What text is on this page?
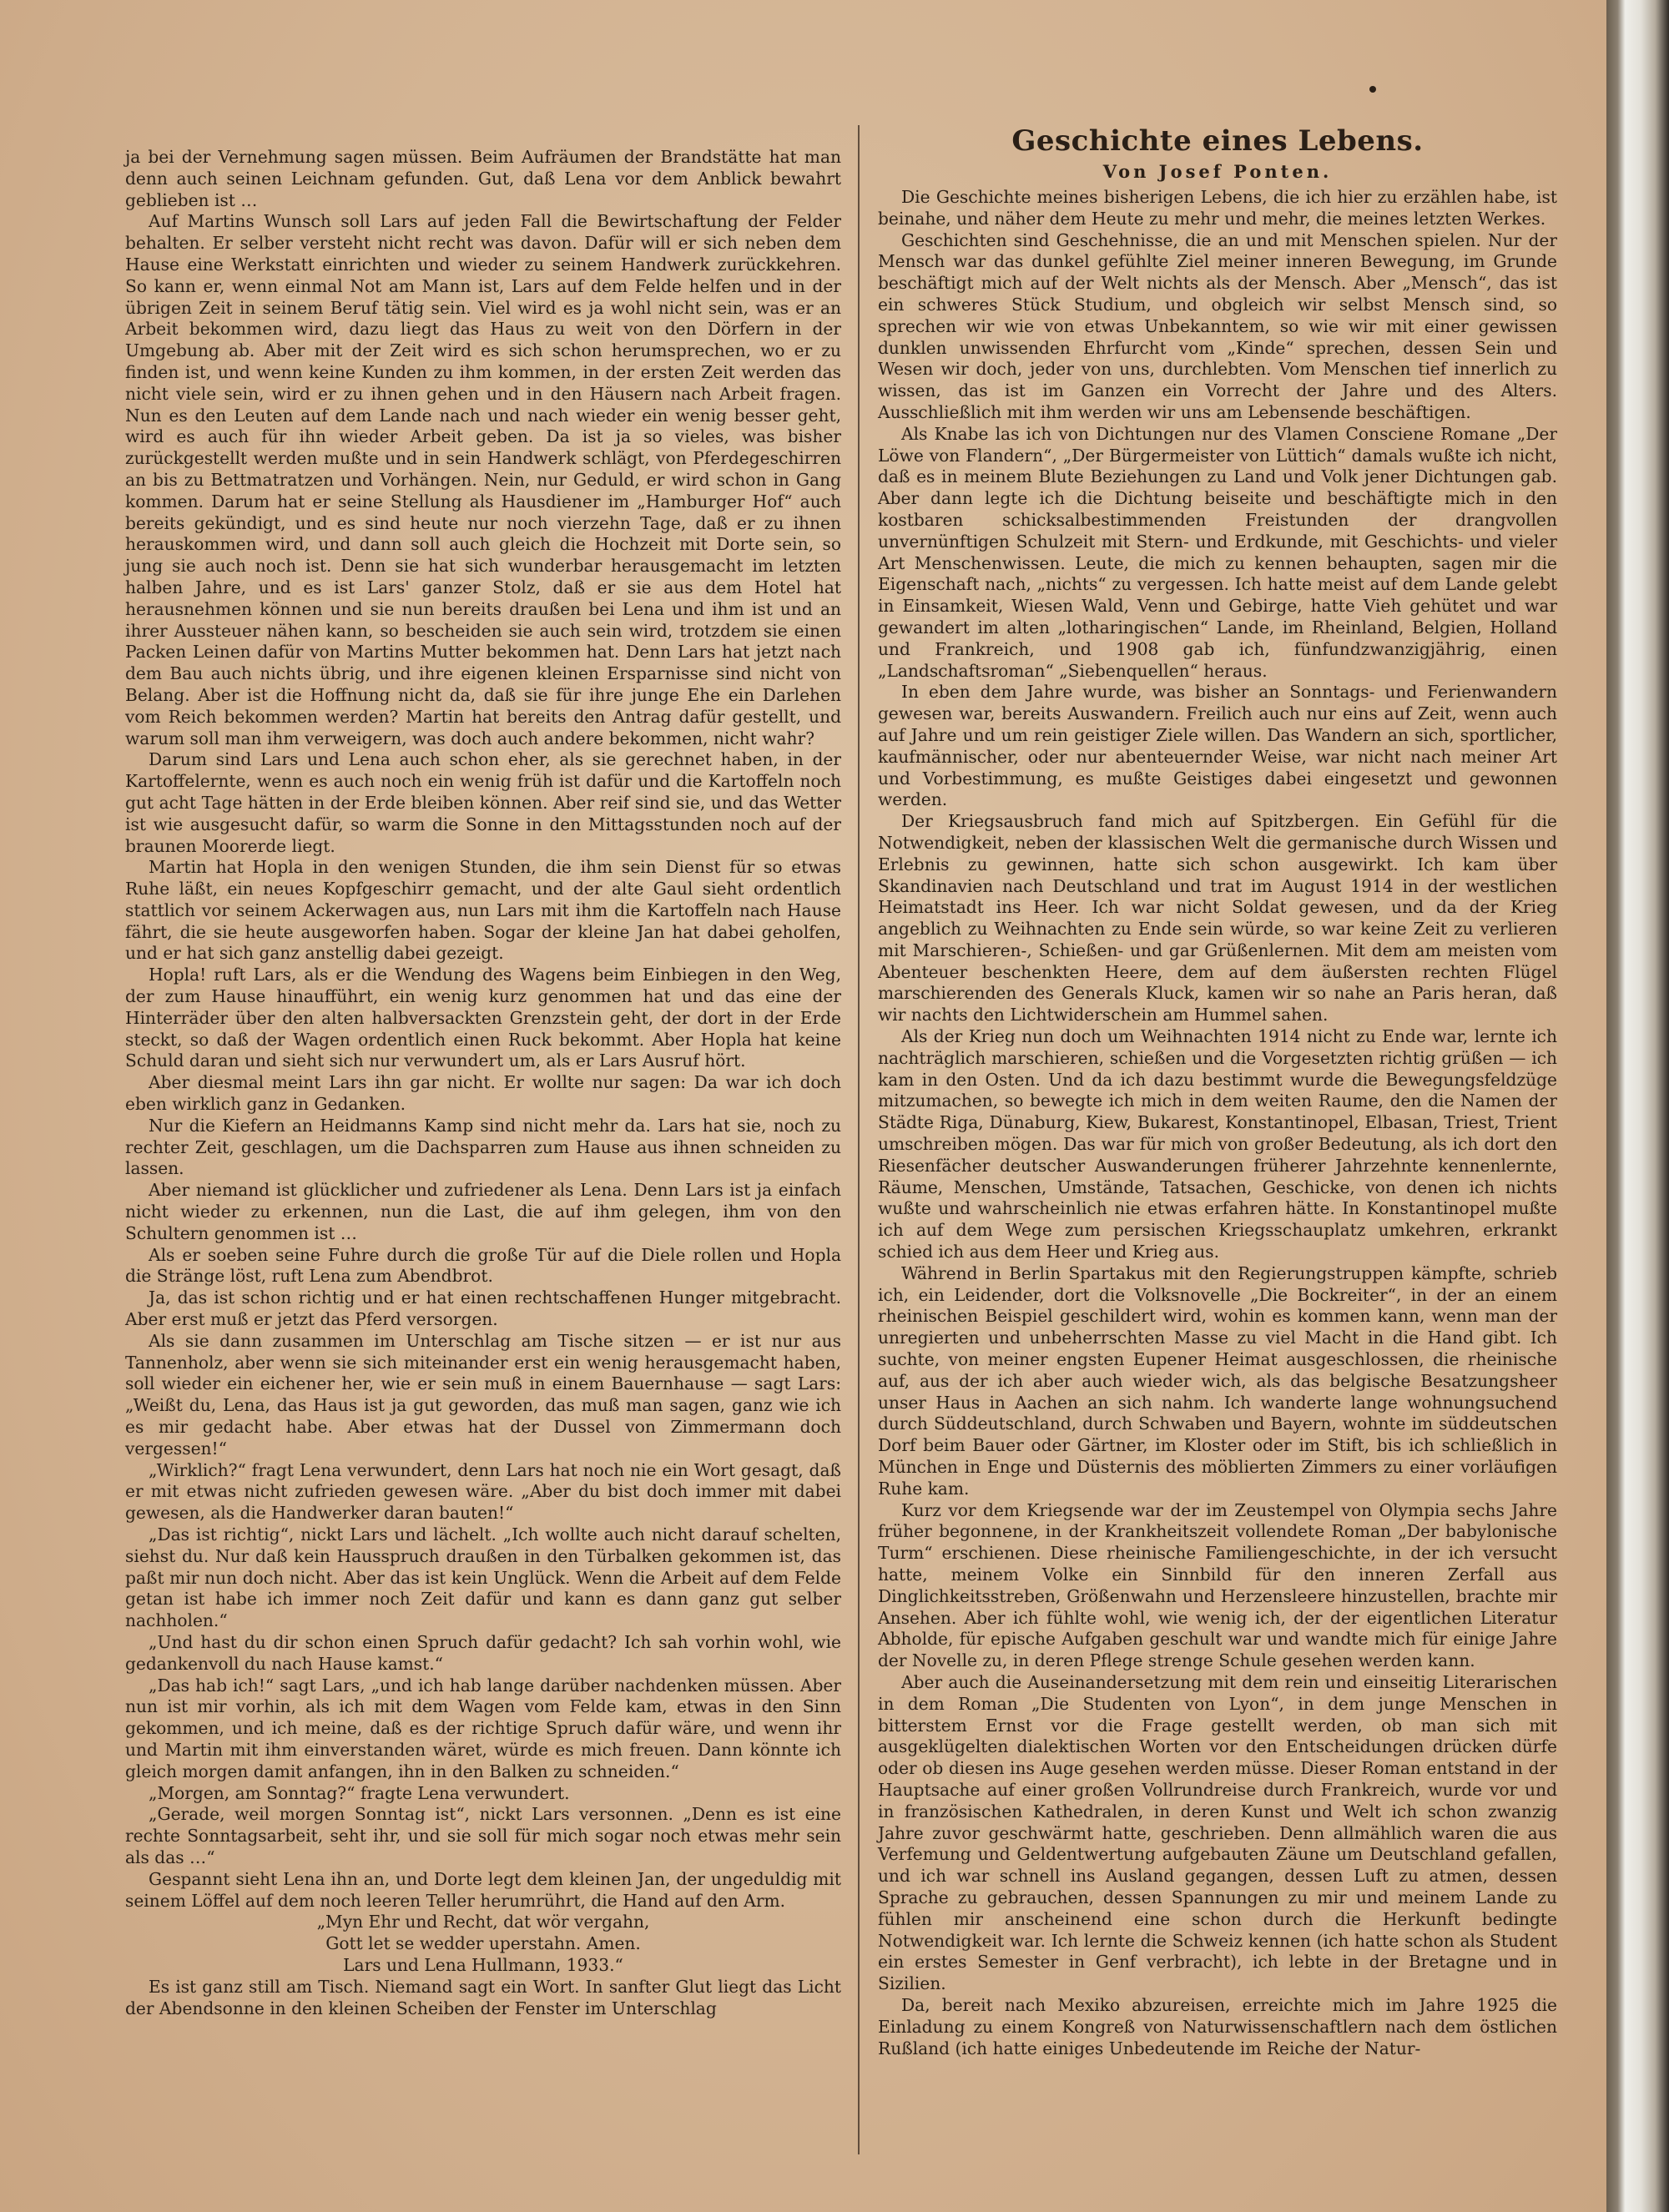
ja bei der Vernehmung sagen müssen. Beim Aufräumen der Brandstätte hat man denn auch seinen Leichnam gefunden. Gut, daß Lena vor dem Anblick bewahrt geblieben ist …

Auf Martins Wunsch soll Lars auf jeden Fall die Bewirtschaftung der Felder behalten. Er selber versteht nicht recht was davon. Dafür will er sich neben dem Hause eine Werkstatt einrichten und wieder zu seinem Handwerk zurückkehren. So kann er, wenn einmal Not am Mann ist, Lars auf dem Felde helfen und in der übrigen Zeit in seinem Beruf tätig sein. Viel wird es ja wohl nicht sein, was er an Arbeit bekommen wird, dazu liegt das Haus zu weit von den Dörfern in der Umgebung ab. Aber mit der Zeit wird es sich schon herumsprechen, wo er zu finden ist, und wenn keine Kunden zu ihm kommen, in der ersten Zeit werden das nicht viele sein, wird er zu ihnen gehen und in den Häusern nach Arbeit fragen. Nun es den Leuten auf dem Lande nach und nach wieder ein wenig besser geht, wird es auch für ihn wieder Arbeit geben. Da ist ja so vieles, was bisher zurückgestellt werden mußte und in sein Handwerk schlägt, von Pferdegeschirren an bis zu Bettmatratzen und Vorhängen. Nein, nur Geduld, er wird schon in Gang kommen. Darum hat er seine Stellung als Hausdiener im „Hamburger Hof“ auch bereits gekündigt, und es sind heute nur noch vierzehn Tage, daß er zu ihnen herauskommen wird, und dann soll auch gleich die Hochzeit mit Dorte sein, so jung sie auch noch ist. Denn sie hat sich wunderbar herausgemacht im letzten halben Jahre, und es ist Lars' ganzer Stolz, daß er sie aus dem Hotel hat herausnehmen können und sie nun bereits draußen bei Lena und ihm ist und an ihrer Aussteuer nähen kann, so bescheiden sie auch sein wird, trotzdem sie einen Packen Leinen dafür von Martins Mutter bekommen hat. Denn Lars hat jetzt nach dem Bau auch nichts übrig, und ihre eigenen kleinen Ersparnisse sind nicht von Belang. Aber ist die Hoffnung nicht da, daß sie für ihre junge Ehe ein Darlehen vom Reich bekommen werden? Martin hat bereits den Antrag dafür gestellt, und warum soll man ihm verweigern, was doch auch andere bekommen, nicht wahr?

Darum sind Lars und Lena auch schon eher, als sie gerechnet haben, in der Kartoffelernte, wenn es auch noch ein wenig früh ist dafür und die Kartoffeln noch gut acht Tage hätten in der Erde bleiben können. Aber reif sind sie, und das Wetter ist wie ausgesucht dafür, so warm die Sonne in den Mittagsstunden noch auf der braunen Moorerde liegt.

Martin hat Hopla in den wenigen Stunden, die ihm sein Dienst für so etwas Ruhe läßt, ein neues Kopfgeschirr gemacht, und der alte Gaul sieht ordentlich stattlich vor seinem Ackerwagen aus, nun Lars mit ihm die Kartoffeln nach Hause fährt, die sie heute ausgeworfen haben. Sogar der kleine Jan hat dabei geholfen, und er hat sich ganz anstellig dabei gezeigt.

Hopla! ruft Lars, als er die Wendung des Wagens beim Einbiegen in den Weg, der zum Hause hinaufführt, ein wenig kurz genommen hat und das eine der Hinterräder über den alten halbversackten Grenzstein geht, der dort in der Erde steckt, so daß der Wagen ordentlich einen Ruck bekommt. Aber Hopla hat keine Schuld daran und sieht sich nur verwundert um, als er Lars Ausruf hört.

Aber diesmal meint Lars ihn gar nicht. Er wollte nur sagen: Da war ich doch eben wirklich ganz in Gedanken.

Nur die Kiefern an Heidmanns Kamp sind nicht mehr da. Lars hat sie, noch zu rechter Zeit, geschlagen, um die Dachsparren zum Hause aus ihnen schneiden zu lassen.

Aber niemand ist glücklicher und zufriedener als Lena. Denn Lars ist ja einfach nicht wieder zu erkennen, nun die Last, die auf ihm gelegen, ihm von den Schultern genommen ist …

Als er soeben seine Fuhre durch die große Tür auf die Diele rollen und Hopla die Stränge löst, ruft Lena zum Abendbrot.

Ja, das ist schon richtig und er hat einen rechtschaffenen Hunger mitgebracht. Aber erst muß er jetzt das Pferd versorgen.

Als sie dann zusammen im Unterschlag am Tische sitzen — er ist nur aus Tannenholz, aber wenn sie sich miteinander erst ein wenig herausgemacht haben, soll wieder ein eichener her, wie er sein muß in einem Bauernhause — sagt Lars: „Weißt du, Lena, das Haus ist ja gut geworden, das muß man sagen, ganz wie ich es mir gedacht habe. Aber etwas hat der Dussel von Zimmermann doch vergessen!“

„Wirklich?“ fragt Lena verwundert, denn Lars hat noch nie ein Wort gesagt, daß er mit etwas nicht zufrieden gewesen wäre. „Aber du bist doch immer mit dabei gewesen, als die Handwerker daran bauten!“

„Das ist richtig“, nickt Lars und lächelt. „Ich wollte auch nicht darauf schelten, siehst du. Nur daß kein Hausspruch draußen in den Türbalken gekommen ist, das paßt mir nun doch nicht. Aber das ist kein Unglück. Wenn die Arbeit auf dem Felde getan ist habe ich immer noch Zeit dafür und kann es dann ganz gut selber nachholen.“

„Und hast du dir schon einen Spruch dafür gedacht? Ich sah vorhin wohl, wie gedankenvoll du nach Hause kamst.“

„Das hab ich!“ sagt Lars, „und ich hab lange darüber nachdenken müssen. Aber nun ist mir vorhin, als ich mit dem Wagen vom Felde kam, etwas in den Sinn gekommen, und ich meine, daß es der richtige Spruch dafür wäre, und wenn ihr und Martin mit ihm einverstanden wäret, würde es mich freuen. Dann könnte ich gleich morgen damit anfangen, ihn in den Balken zu schneiden.“

„Morgen, am Sonntag?“ fragte Lena verwundert.

„Gerade, weil morgen Sonntag ist“, nickt Lars versonnen. „Denn es ist eine rechte Sonntagsarbeit, seht ihr, und sie soll für mich sogar noch etwas mehr sein als das …“

Gespannt sieht Lena ihn an, und Dorte legt dem kleinen Jan, der ungeduldig mit seinem Löffel auf dem noch leeren Teller herumrührt, die Hand auf den Arm.

„Myn Ehr und Recht, dat wör vergahn,
Gott let se wedder uperstahn. Amen.
Lars und Lena Hullmann, 1933.“

Es ist ganz still am Tisch. Niemand sagt ein Wort. In sanfter Glut liegt das Licht der Abendsonne in den kleinen Scheiben der Fenster im Unterschlag

Geschichte eines Lebens.
Von Josef Ponten.

Die Geschichte meines bisherigen Lebens, die ich hier zu erzählen habe, ist beinahe, und näher dem Heute zu mehr und mehr, die meines letzten Werkes.

Geschichten sind Geschehnisse, die an und mit Menschen spielen. Nur der Mensch war das dunkel gefühlte Ziel meiner inneren Bewegung, im Grunde beschäftigt mich auf der Welt nichts als der Mensch. Aber „Mensch“, das ist ein schweres Stück Studium, und obgleich wir selbst Mensch sind, so sprechen wir wie von etwas Unbekanntem, so wie wir mit einer gewissen dunklen unwissenden Ehrfurcht vom „Kinde“ sprechen, dessen Sein und Wesen wir doch, jeder von uns, durchlebten. Vom Menschen tief innerlich zu wissen, das ist im Ganzen ein Vorrecht der Jahre und des Alters. Ausschließlich mit ihm werden wir uns am Lebensende beschäftigen.

Als Knabe las ich von Dichtungen nur des Vlamen Consciene Romane „Der Löwe von Flandern“, „Der Bürgermeister von Lüttich“ damals wußte ich nicht, daß es in meinem Blute Beziehungen zu Land und Volk jener Dichtungen gab. Aber dann legte ich die Dichtung beiseite und beschäftigte mich in den kostbaren schicksalbestimmenden Freistunden der drangvollen unvernünftigen Schulzeit mit Stern- und Erdkunde, mit Geschichts- und vieler Art Menschenwissen. Leute, die mich zu kennen behaupten, sagen mir die Eigenschaft nach, „nichts“ zu vergessen. Ich hatte meist auf dem Lande gelebt in Einsamkeit, Wiesen Wald, Venn und Gebirge, hatte Vieh gehütet und war gewandert im alten „lotharingischen“ Lande, im Rheinland, Belgien, Holland und Frankreich, und 1908 gab ich, fünfundzwanzigjährig, einen „Landschaftsroman“ „Siebenquellen“ heraus.

In eben dem Jahre wurde, was bisher an Sonntags- und Ferienwandern gewesen war, bereits Auswandern. Freilich auch nur eins auf Zeit, wenn auch auf Jahre und um rein geistiger Ziele willen. Das Wandern an sich, sportlicher, kaufmännischer, oder nur abenteuernder Weise, war nicht nach meiner Art und Vorbestimmung, es mußte Geistiges dabei eingesetzt und gewonnen werden.

Der Kriegsausbruch fand mich auf Spitzbergen. Ein Gefühl für die Notwendigkeit, neben der klassischen Welt die germanische durch Wissen und Erlebnis zu gewinnen, hatte sich schon ausgewirkt. Ich kam über Skandinavien nach Deutschland und trat im August 1914 in der westlichen Heimatstadt ins Heer. Ich war nicht Soldat gewesen, und da der Krieg angeblich zu Weihnachten zu Ende sein würde, so war keine Zeit zu verlieren mit Marschieren-, Schießen- und gar Grüßenlernen. Mit dem am meisten vom Abenteuer beschenkten Heere, dem auf dem äußersten rechten Flügel marschierenden des Generals Kluck, kamen wir so nahe an Paris heran, daß wir nachts den Lichtwiderschein am Hummel sahen.

Als der Krieg nun doch um Weihnachten 1914 nicht zu Ende war, lernte ich nachträglich marschieren, schießen und die Vorgesetzten richtig grüßen — ich kam in den Osten. Und da ich dazu bestimmt wurde die Bewegungsfeldzüge mitzumachen, so bewegte ich mich in dem weiten Raume, den die Namen der Städte Riga, Dünaburg, Kiew, Bukarest, Konstantinopel, Elbasan, Triest, Trient umschreiben mögen. Das war für mich von großer Bedeutung, als ich dort den Riesenfächer deutscher Auswanderungen früherer Jahrzehnte kennenlernte, Räume, Menschen, Umstände, Tatsachen, Geschicke, von denen ich nichts wußte und wahrscheinlich nie etwas erfahren hätte. In Konstantinopel mußte ich auf dem Wege zum persischen Kriegsschauplatz umkehren, erkrankt schied ich aus dem Heer und Krieg aus.

Während in Berlin Spartakus mit den Regierungstruppen kämpfte, schrieb ich, ein Leidender, dort die Volksnovelle „Die Bockreiter“, in der an einem rheinischen Beispiel geschildert wird, wohin es kommen kann, wenn man der unregierten und unbeherrschten Masse zu viel Macht in die Hand gibt. Ich suchte, von meiner engsten Eupener Heimat ausgeschlossen, die rheinische auf, aus der ich aber auch wieder wich, als das belgische Besatzungsheer unser Haus in Aachen an sich nahm. Ich wanderte lange wohnungsuchend durch Süddeutschland, durch Schwaben und Bayern, wohnte im süddeutschen Dorf beim Bauer oder Gärtner, im Kloster oder im Stift, bis ich schließlich in München in Enge und Düsternis des möblierten Zimmers zu einer vorläufigen Ruhe kam.

Kurz vor dem Kriegsende war der im Zeustempel von Olympia sechs Jahre früher begonnene, in der Krankheitszeit vollendete Roman „Der babylonische Turm“ erschienen. Diese rheinische Familiengeschichte, in der ich versucht hatte, meinem Volke ein Sinnbild für den inneren Zerfall aus Dinglichkeitsstreben, Größenwahn und Herzensleere hinzustellen, brachte mir Ansehen. Aber ich fühlte wohl, wie wenig ich, der der eigentlichen Literatur Abholde, für epische Aufgaben geschult war und wandte mich für einige Jahre der Novelle zu, in deren Pflege strenge Schule gesehen werden kann.

Aber auch die Auseinandersetzung mit dem rein und einseitig Literarischen in dem Roman „Die Studenten von Lyon“, in dem junge Menschen in bitterstem Ernst vor die Frage gestellt werden, ob man sich mit ausgeklügelten dialektischen Worten vor den Entscheidungen drücken dürfe oder ob diesen ins Auge gesehen werden müsse. Dieser Roman entstand in der Hauptsache auf einer großen Vollrundreise durch Frankreich, wurde vor und in französischen Kathedralen, in deren Kunst und Welt ich schon zwanzig Jahre zuvor geschwärmt hatte, geschrieben. Denn allmählich waren die aus Verfemung und Geldentwertung aufgebauten Zäune um Deutschland gefallen, und ich war schnell ins Ausland gegangen, dessen Luft zu atmen, dessen Sprache zu gebrauchen, dessen Spannungen zu mir und meinem Lande zu fühlen mir anscheinend eine schon durch die Herkunft bedingte Notwendigkeit war. Ich lernte die Schweiz kennen (ich hatte schon als Student ein erstes Semester in Genf verbracht), ich lebte in der Bretagne und in Sizilien.

Da, bereit nach Mexiko abzureisen, erreichte mich im Jahre 1925 die Einladung zu einem Kongreß von Naturwissenschaftlern nach dem östlichen Rußland (ich hatte einiges Unbedeutende im Reiche der Natur-
